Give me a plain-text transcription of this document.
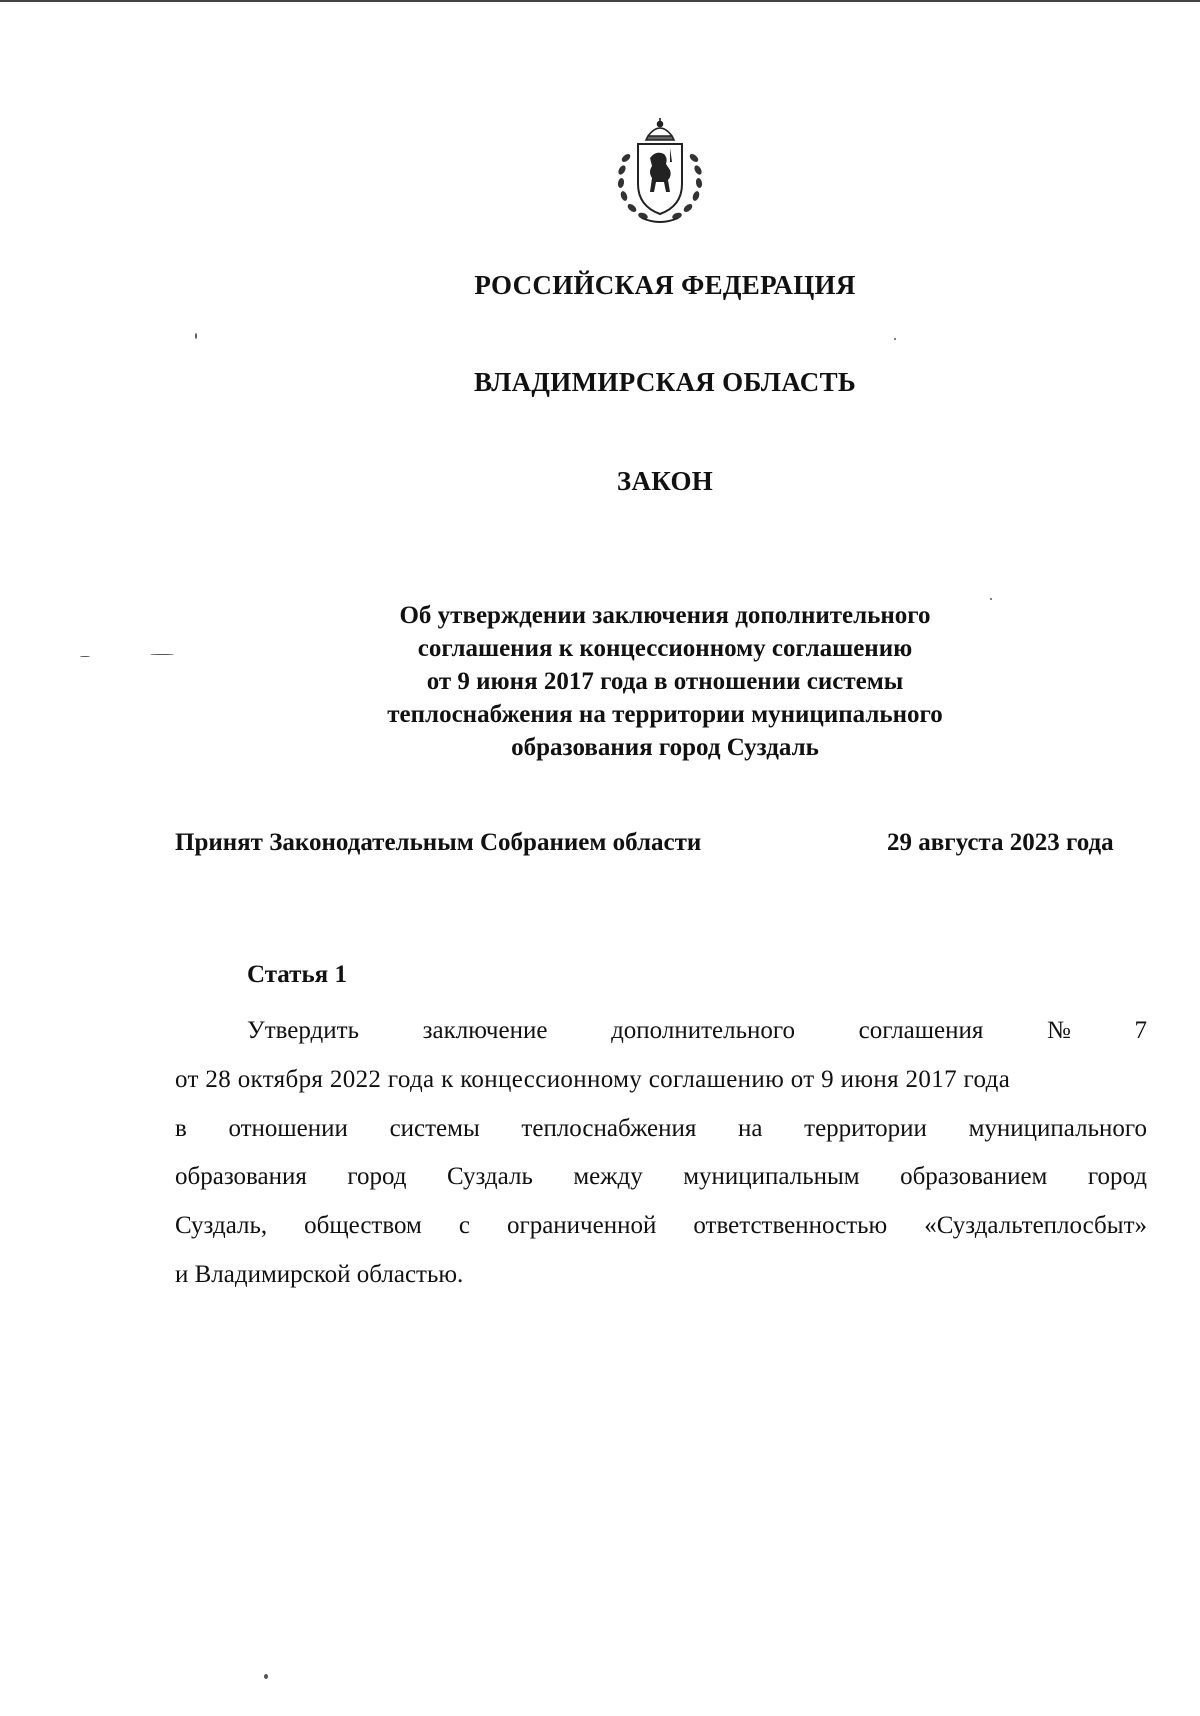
РОССИЙСКАЯ ФЕДЕРАЦИЯ
ВЛАДИМИРСКАЯ ОБЛАСТЬ
ЗАКОН
Об утверждении заключения дополнительного
соглашения к концессионному соглашению
от 9 июня 2017 года в отношении системы
теплоснабжения на территории муниципального
образования город Суздаль
Принят Законодательным Собранием области	29 августа 2023 года
Статья 1
Утвердить	заключение	дополнительного	соглашения	№	7
от 28 октября 2022 года к концессионному соглашению от 9 июня 2017 года
в отношении системы теплоснабжения на территории муниципального
образования город Суздаль между муниципальным образованием город
Суздаль, обществом с ограниченной ответственностью «Суздальтеплосбыт»
и Владимирской областью.
